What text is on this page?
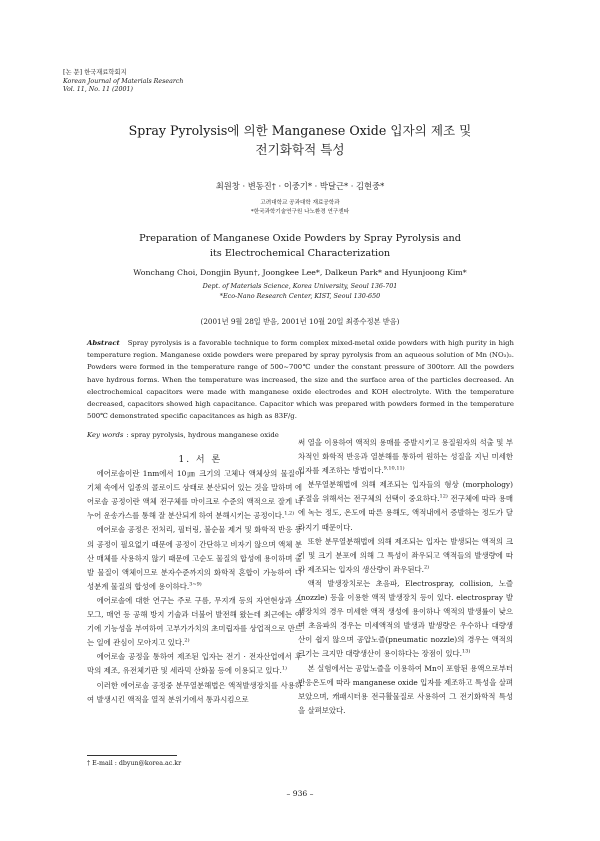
[논 문] 한국재료학회지
Korean Journal of Materials Research
Vol. 11, No. 11 (2001)
Spray Pyrolysis에 의한 Manganese Oxide 입자의 제조 및
전기화학적 특성
최원창 · 변동진† · 이중기* · 박달근* · 김현중*
고려대학교 공과대학 재료공학과
*한국과학기술연구원 나노환경 연구센타
Preparation of Manganese Oxide Powders by Spray Pyrolysis and
its Electrochemical Characterization
Wonchang Choi, Dongjin Byun†, Joongkee Lee*, Dalkeun Park* and Hyunjoong Kim*
Dept. of Materials Science, Korea University, Seoul 136-701
*Eco-Nano Research Center, KIST, Seoul 130-650
(2001년 9월 28일 받음, 2001년 10월 20일 최종수정본 받음)
Abstract Spray pyrolysis is a favorable technique to form complex mixed-metal oxide powders with high purity in high temperature region. Manganese oxide powders were prepared by spray pyrolysis from an aqueous solution of Mn (NO₃)₂. Powders were formed in the temperature range of 500~700℃ under the constant pressure of 300torr. All the powders have hydrous forms. When the temperature was increased, the size and the surface area of the particles decreased. An electrochemical capacitors were made with manganese oxide electrodes and KOH electrolyte. With the temperature decreased, capacitors showed high capacitance. Capacitor which was prepared with powders formed in the temperature 500℃ demonstrated specific capacitances as high as 83F/g.
Key words : spray pyrolysis, hydrous manganese oxide

1. 서 론

에어로솔이란 1nm에서 10㎛ 크기의 고체나 액체상의 물질이 기체 속에서 일종의 콜로이드 상태로 분산되어 있는 것을 말하며 에어로솔 공정이란 액체 전구체를 마이크로 수준의 액적으로 잘게 나누어 운송가스를 통해 잘 분산되게 하여 분해시키는 공정이다.$^{1,2)}$

에어로솔 공정은 전처리, 필터링, 불순물 제거 및 화학적 반응 등의 공정이 필요없기 때문에 공정이 간단하고 비자기 않으며 액체 분산 매체를 사용하지 않기 때문에 고순도 물질의 합성에 용이하며 출발 물질이 액체이므로 분자수준까지의 화학적 혼합이 가능하여 다성분계 물질의 합성에 용이하다.$^{3\sim 9)}$

에어로솔에 대한 연구는 주로 구름, 무지개 등의 자연현상과 스모그, 매연 등 공해 방지 기술과 더불어 발전해 왔는데 최근에는 여기에 기능성을 부여하여 고부가가치의 초미립자를 상업적으로 만드는 일에 관심이 모아지고 있다.$^{2)}$

에어로솔 공정을 통하여 제조된 입자는 전기 · 전자산업에서 후막의 제조, 유전체기판 및 세라믹 산화물 등에 이용되고 있다.$^{1)}$

이러한 에어로솔 공정중 분무열분해법은 액적발생장치를 사용하여 발생시킨 액적을 열적 분위기에서 통과시킴으로

써 열을 이용하여 액적의 용매를 증발시키고 용질원자의 석출 및 부차적인 화학적 반응과 열분해를 통하여 원하는 성질을 지닌 미세한 입자를 제조하는 방법이다.$^{9,10,11)}$

분무열분해법에 의해 제조되는 입자들의 형상 (morphology) 조절을 위해서는 전구체의 선택이 중요하다.$^{12)}$ 전구체에 따라 용매에 녹는 정도, 온도에 따른 용해도, 액적내에서 증발하는 정도가 달라지기 때문이다.

또한 분무열분해법에 의해 제조되는 입자는 발생되는 액적의 크기 및 크기 분포에 의해 그 특성이 좌우되고 액적들의 발생량에 따라 제조되는 입자의 생산량이 좌우된다.$^{2)}$

액적 발생장치로는 초음파, Electrospray, collision, 노즐(nozzle) 등을 이용한 액적 발생장치 등이 있다. electrospray 발생장치의 경우 미세한 액적 생성에 용이하나 액적의 발생률이 낮으며 초음파의 경우는 미세액적의 발생과 발생량은 우수하나 대량생산이 쉽지 않으며 공압노즐(pneumatic nozzle)의 경우는 액적의 크기는 크지만 대량생산이 용이하다는 장점이 있다.$^{13)}$

본 실험에서는 공압노즐을 이용하여 Mn이 포함된 용액으로부터 반응온도에 따라 manganese oxide 입자를 제조하고 특성을 살펴보았으며, 캐패시터용 전극활물질로 사용하여 그 전기화학적 특성을 살펴보았다.

† E-mail : dbyun@korea.ac.kr
– 936 –
